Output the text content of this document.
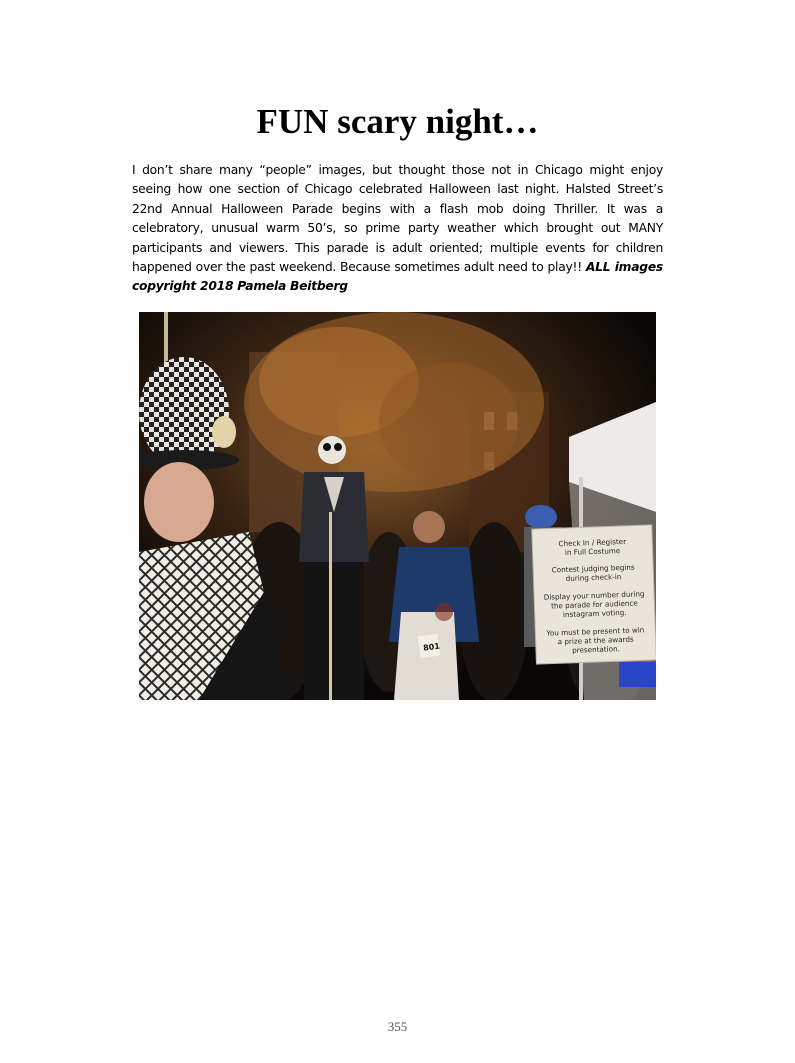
FUN scary night…

I don’t share many “people” images, but thought those not in Chicago might enjoy seeing how one section of Chicago celebrated Halloween last night. Halsted Street’s 22nd Annual Halloween Parade begins with a flash mob doing Thriller. It was a celebratory, unusual warm 50’s, so prime party weather which brought out MANY participants and viewers. This parade is adult oriented; multiple events for children happened over the past weekend. Because sometimes adult need to play!! ALL images copyright 2018 Pamela Beitberg

801
Check In / Register
in Full Costume
Contest judging begins
during check-in
Display your number during
the parade for audience
instagram voting.
You must be present to win
a prize at the awards
presentation.
355
